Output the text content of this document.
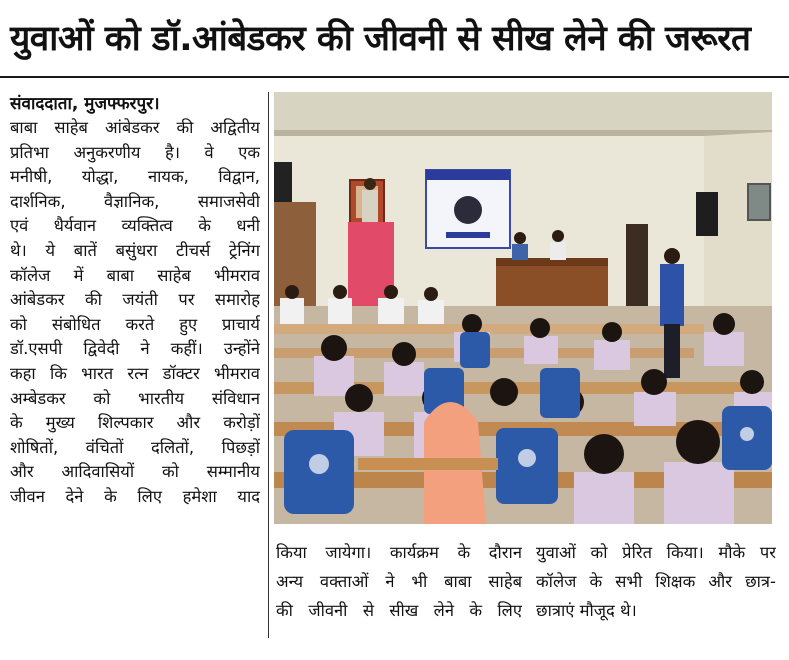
युवाओं को डॉ.आंबेडकर की जीवनी से सीख लेने की जरूरत
संवाददाता, मुजफ्फरपुर।
बाबा साहेब आंबेडकर की अद्वितीय
प्रतिभा अनुकरणीय है। वे एक
मनीषी, योद्धा, नायक, विद्वान,
दार्शनिक, वैज्ञानिक, समाजसेवी
एवं धैर्यवान व्यक्तित्व के धनी
थे। ये बातें बसुंधरा टीचर्स ट्रेनिंग
कॉलेज में बाबा साहेब भीमराव
आंबेडकर की जयंती पर समारोह
को संबोधित करते हुए प्राचार्य
डॉ.एसपी द्विवेदी ने कहीं। उन्होंने
कहा कि भारत रत्न डॉक्टर भीमराव
अम्बेडकर को भारतीय संविधान
के मुख्य शिल्पकार और करोड़ों
शोषितों, वंचितों दलितों, पिछड़ों
और आदिवासियों को सम्मानीय
जीवन देने के लिए हमेशा याद
किया जायेगा। कार्यक्रम के दौरान
अन्य वक्ताओं ने भी बाबा साहेब
की जीवनी से सीख लेने के लिए
युवाओं को प्रेरित किया। मौके पर
कॉलेज के सभी शिक्षक और छात्र-
छात्राएं मौजूद थे।
